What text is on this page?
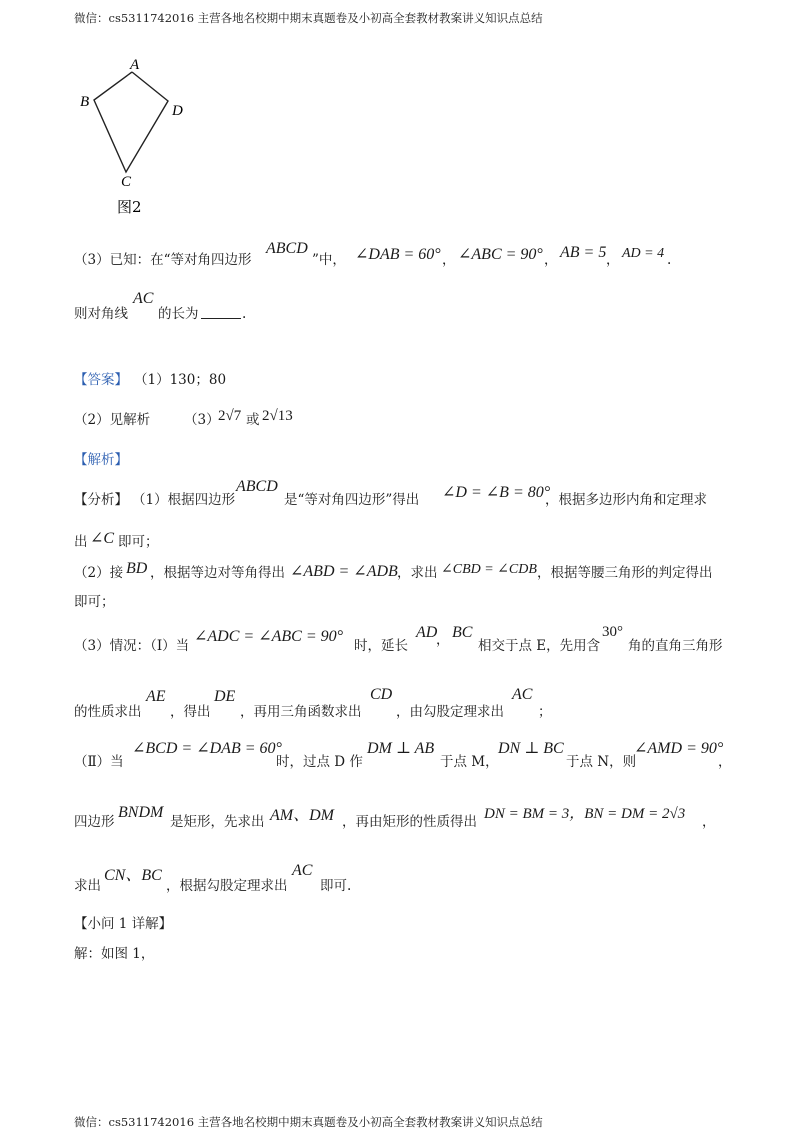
微信：cs5311742016 主营各地名校期中期末真题卷及小初高全套教材教案讲义知识点总结
A
B
C
D
图2
（3）已知：在“等对角四边形
ABCD
”中， ∠DAB = 60° ， ∠ABC = 90° ， AB = 5 ， AD = 4 .
则对角线
AC
的长为	.
【答案】 （1）130；80
（2）见解析	（3）
2√7 或 2√13
【解析】
【分析】 （1）根据四边形
ABCD
是“等对角四边形”得出 ∠D = ∠B = 80°
，根据多边形内角和定理求
出 ∠C 即可；
（2）接 BD ，根据等边对等角得出 ∠ABD = ∠ADB ，求出 ∠CBD = ∠CDB ，根据等腰三角形的判定得出
即可；
（3）情况：（Ⅰ）当
∠ADC = ∠ABC = 90°
时，延长
AD
， BC
相交于点 E，先用含
30°
角的直角三角形
的性质求出
AE
，得出
DE
，再用三角函数求出
CD
，由勾股定理求出
AC
；
（Ⅱ）当
∠BCD = ∠DAB = 60°
时，过点 D 作
DM ⊥ AB
于点 M，
DN ⊥ BC
于点 N，则
∠AMD = 90°
，
四边形
BNDM
是矩形，先求出 AM、DM ，再由矩形的性质得出 DN = BM = 3，BN = DM = 2√3 ，
求出
CN、BC
，根据勾股定理求出
AC
即可.
【小问 1 详解】
解：如图 1，
微信：cs5311742016 主营各地名校期中期末真题卷及小初高全套教材教案讲义知识点总结
